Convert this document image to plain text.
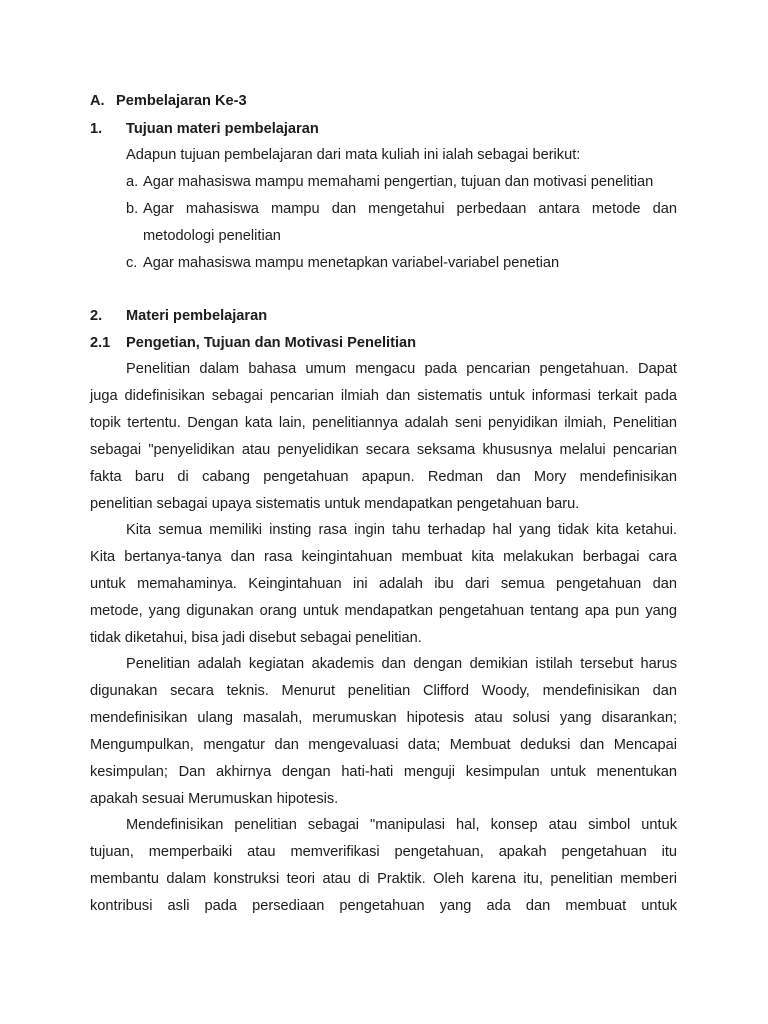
A. Pembelajaran Ke-3
1. Tujuan materi pembelajaran
Adapun tujuan pembelajaran dari mata kuliah ini ialah sebagai berikut:
a. Agar mahasiswa mampu memahami pengertian, tujuan dan motivasi penelitian
b. Agar mahasiswa mampu dan mengetahui perbedaan antara metode dan
metodologi penelitian
c. Agar mahasiswa mampu menetapkan variabel-variabel penetian
2. Materi pembelajaran
2.1 Pengetian, Tujuan dan Motivasi Penelitian
Penelitian dalam bahasa umum mengacu pada pencarian pengetahuan. Dapat
juga didefinisikan sebagai pencarian ilmiah dan sistematis untuk informasi terkait pada
topik tertentu. Dengan kata lain, penelitiannya adalah seni penyidikan ilmiah, Penelitian
sebagai "penyelidikan atau penyelidikan secara seksama khususnya melalui pencarian
fakta baru di cabang pengetahuan apapun. Redman dan Mory mendefinisikan
penelitian sebagai upaya sistematis untuk mendapatkan pengetahuan baru.
Kita semua memiliki insting rasa ingin tahu terhadap hal yang tidak kita ketahui.
Kita bertanya-tanya dan rasa keingintahuan membuat kita melakukan berbagai cara
untuk memahaminya. Keingintahuan ini adalah ibu dari semua pengetahuan dan
metode, yang digunakan orang untuk mendapatkan pengetahuan tentang apa pun yang
tidak diketahui, bisa jadi disebut sebagai penelitian.
Penelitian adalah kegiatan akademis dan dengan demikian istilah tersebut harus
digunakan secara teknis. Menurut penelitian Clifford Woody, mendefinisikan dan
mendefinisikan ulang masalah, merumuskan hipotesis atau solusi yang disarankan;
Mengumpulkan, mengatur dan mengevaluasi data; Membuat deduksi dan Mencapai
kesimpulan; Dan akhirnya dengan hati-hati menguji kesimpulan untuk menentukan
apakah sesuai Merumuskan hipotesis.
Mendefinisikan penelitian sebagai "manipulasi hal, konsep atau simbol untuk
tujuan, memperbaiki atau memverifikasi pengetahuan, apakah pengetahuan itu
membantu dalam konstruksi teori atau di Praktik. Oleh karena itu, penelitian memberi
kontribusi asli pada persediaan pengetahuan yang ada dan membuat untuk
